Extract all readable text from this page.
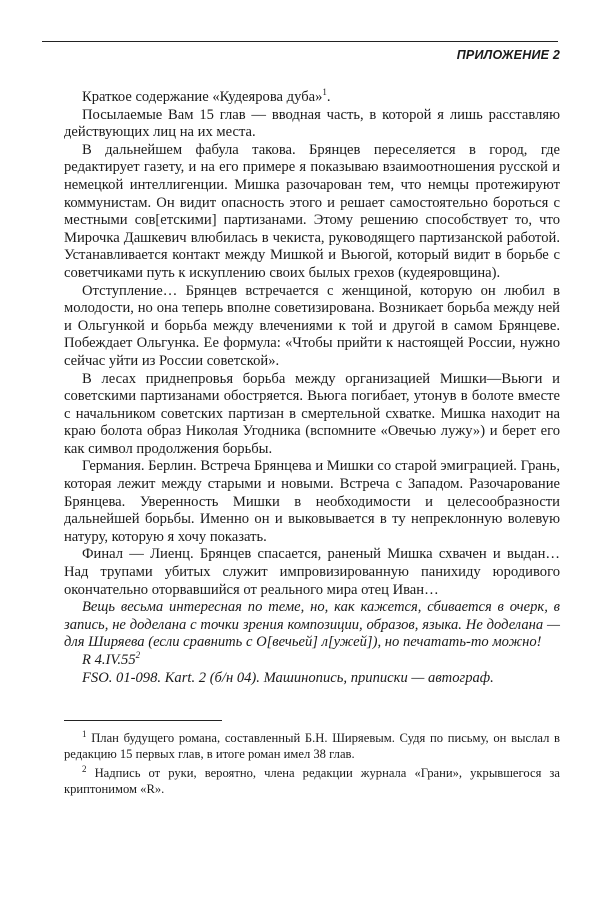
ПРИЛОЖЕНИЕ 2

Краткое содержание «Кудеярова дуба»$^1$.

Посылаемые Вам 15 глав — вводная часть, в которой я лишь расставляю действующих лиц на их места.

В дальнейшем фабула такова. Брянцев переселяется в город, где редактирует газету, и на его примере я показываю взаимоотношения русской и немецкой интеллигенции. Мишка разочарован тем, что немцы протежируют коммунистам. Он видит опасность этого и решает самостоятельно бороться с местными сов[етскими] партизанами. Этому решению способствует то, что Мирочка Дашкевич влюбилась в чекиста, руководящего партизанской работой. Устанавливается контакт между Мишкой и Вьюгой, который видит в борьбе с советчиками путь к искуплению своих былых грехов (кудеяровщина).

Отступление… Брянцев встречается с женщиной, которую он любил в молодости, но она теперь вполне советизирована. Возникает борьба между ней и Ольгункой и борьба между влечениями к той и другой в самом Брянцеве. Побеждает Ольгунка. Ее формула: «Чтобы прийти к настоящей России, нужно сейчас уйти из России советской».

В лесах приднепровья борьба между организацией Мишки—Вьюги и советскими партизанами обостряется. Вьюга погибает, утонув в болоте вместе с начальником советских партизан в смертельной схватке. Мишка находит на краю болота образ Николая Угодника (вспомните «Овечью лужу») и берет его как символ продолжения борьбы.

Германия. Берлин. Встреча Брянцева и Мишки со старой эмиграцией. Грань, которая лежит между старыми и новыми. Встреча с Западом. Разочарование Брянцева. Уверенность Мишки в необходимости и целесообразности дальнейшей борьбы. Именно он и выковывается в ту непреклонную волевую натуру, которую я хочу показать.

Финал — Лиенц. Брянцев спасается, раненый Мишка схвачен и выдан… Над трупами убитых служит импровизированную панихиду юродивого окончательно оторвавшийся от реального мира отец Иван…

Вещь весьма интересная по теме, но, как кажется, сбивается в очерк, в запись, не доделана с точки зрения композиции, образов, языка. Не доделана — для Ширяева (если сравнить с О[вечьей] л[ужей]), но печатать-то можно!

R $4.IV.55^2$

FSO. 01-098. Kart. 2 (б/н 04). Машинопись, приписки — автограф.

$^1$ План будущего романа, составленный Б.Н. Ширяевым. Судя по письму, он выслал в редакцию 15 первых глав, в итоге роман имел 38 глав.

$^2$ Надпись от руки, вероятно, члена редакции журнала «Грани», укрывшегося за криптонимом «R».
